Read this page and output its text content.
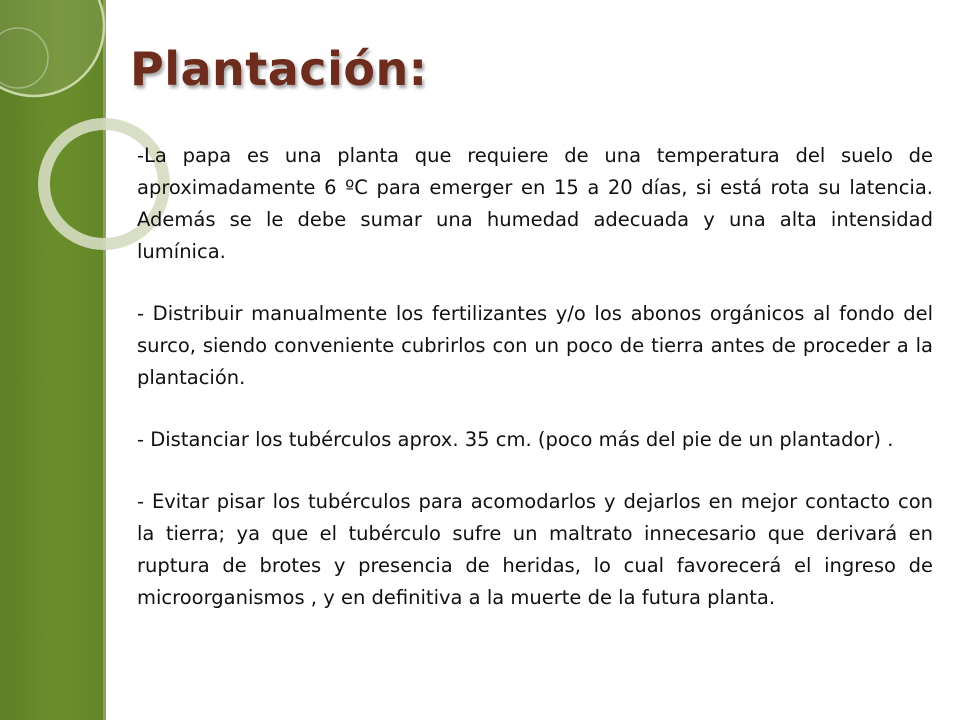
Plantación:

-La papa es una planta que requiere de una temperatura del suelo de aproximadamente 6 ºC para emerger en 15 a 20 días, si está rota su latencia. Además se le debe sumar una humedad adecuada y una alta intensidad lumínica.

- Distribuir manualmente los fertilizantes y/o los abonos orgánicos al fondo del surco, siendo conveniente cubrirlos con un poco de tierra antes de proceder a la plantación.

- Distanciar los tubérculos aprox. 35 cm. (poco más del pie de un plantador) .

- Evitar pisar los tubérculos para acomodarlos y dejarlos en mejor contacto con la tierra; ya que el tubérculo sufre un maltrato innecesario que derivará en ruptura de brotes y presencia de heridas, lo cual favorecerá el ingreso de microorganismos , y en definitiva a la muerte de la futura planta.
